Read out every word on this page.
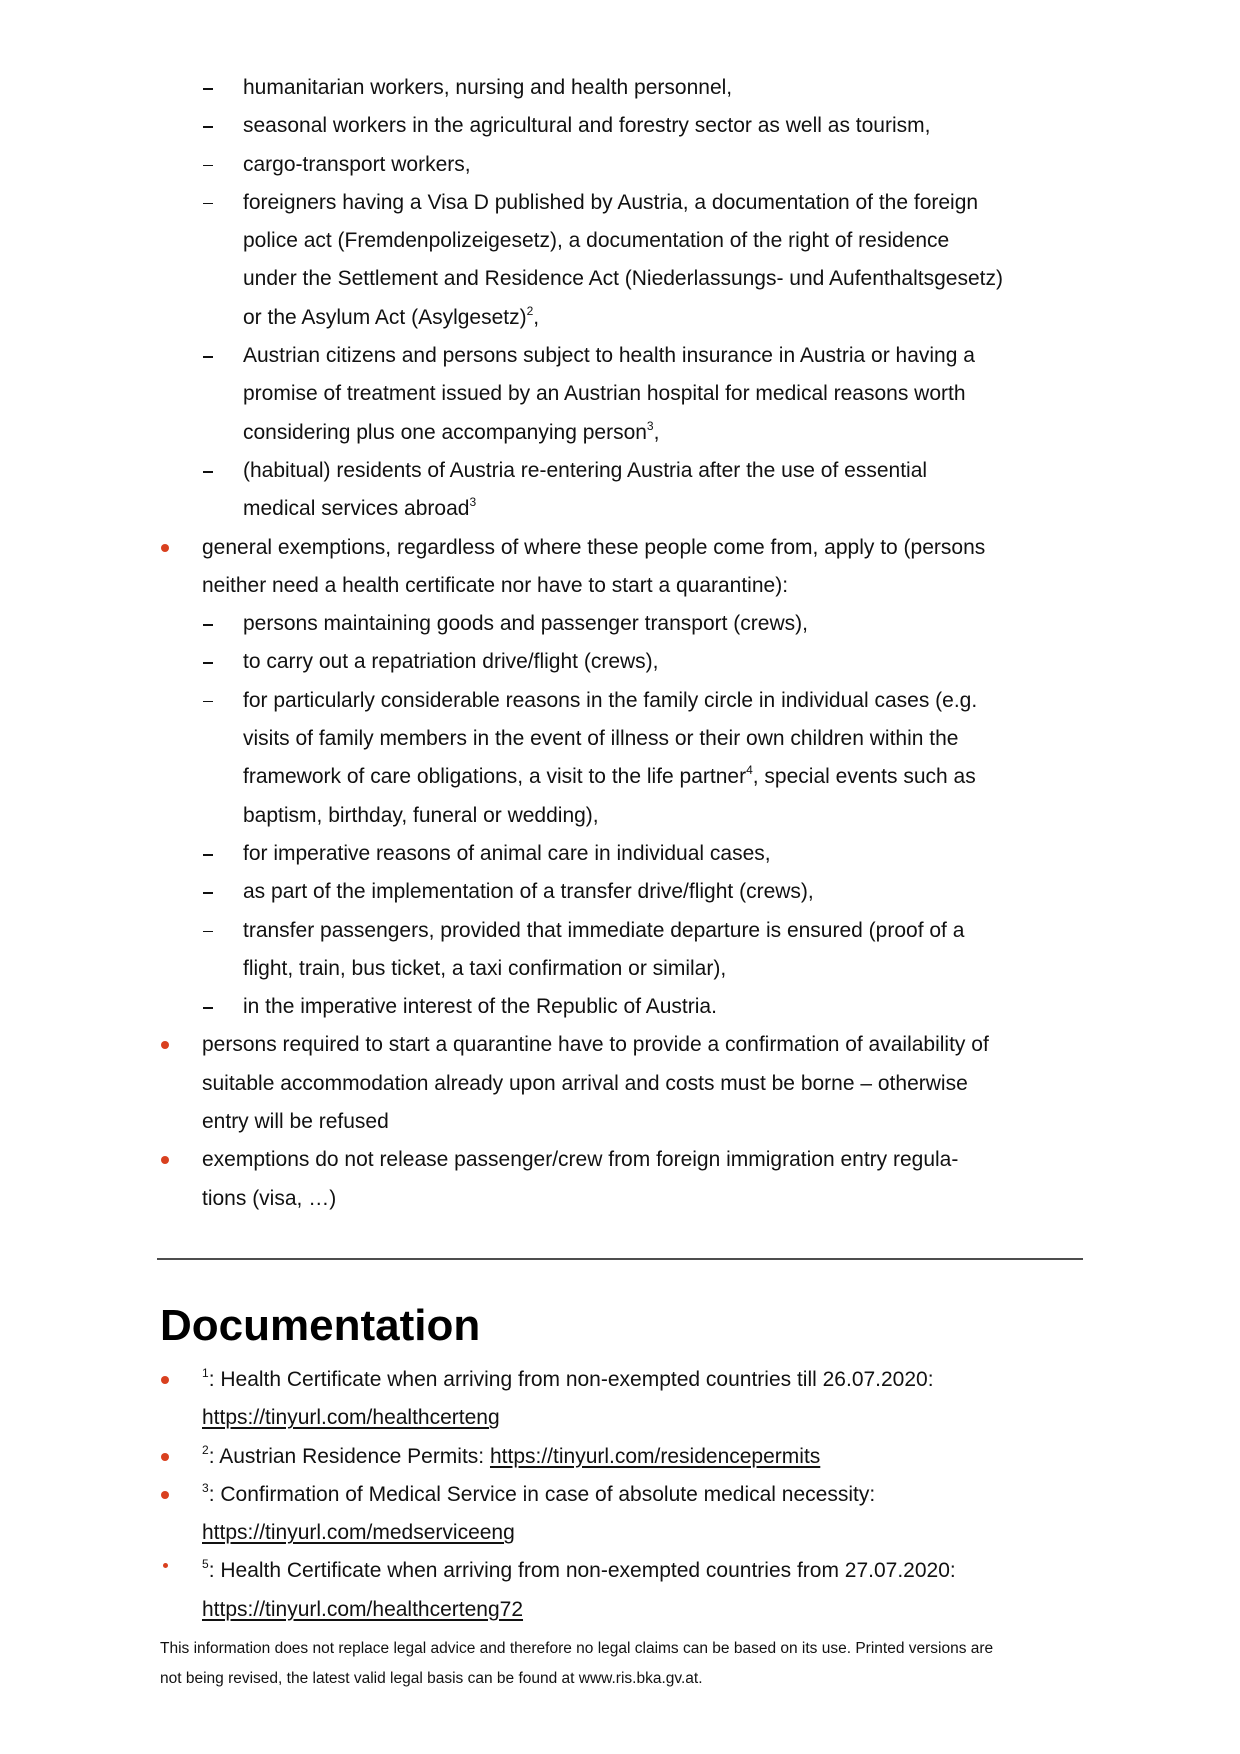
humanitarian workers, nursing and health personnel,
seasonal workers in the agricultural and forestry sector as well as tourism,
cargo-transport workers,
foreigners having a Visa D published by Austria, a documentation of the foreign
police act (Fremdenpolizeigesetz), a documentation of the right of residence
under the Settlement and Residence Act (Niederlassungs- und Aufenthaltsgesetz)
or the Asylum Act (Asylgesetz)$^2$,
Austrian citizens and persons subject to health insurance in Austria or having a
promise of treatment issued by an Austrian hospital for medical reasons worth
considering plus one accompanying person$^3$,
(habitual) residents of Austria re-entering Austria after the use of essential
medical services abroad$^3$
general exemptions, regardless of where these people come from, apply to (persons
neither need a health certificate nor have to start a quarantine):
persons maintaining goods and passenger transport (crews),
to carry out a repatriation drive/flight (crews),
for particularly considerable reasons in the family circle in individual cases (e.g.
visits of family members in the event of illness or their own children within the
framework of care obligations, a visit to the life partner$^4$, special events such as
baptism, birthday, funeral or wedding),
for imperative reasons of animal care in individual cases,
as part of the implementation of a transfer drive/flight (crews),
transfer passengers, provided that immediate departure is ensured (proof of a
flight, train, bus ticket, a taxi confirmation or similar),
in the imperative interest of the Republic of Austria.
persons required to start a quarantine have to provide a confirmation of availability of
suitable accommodation already upon arrival and costs must be borne – otherwise
entry will be refused
exemptions do not release passenger/crew from foreign immigration entry regula-
tions (visa, …)
Documentation
$^1$: Health Certificate when arriving from non-exempted countries till 26.07.2020:
https://tinyurl.com/healthcerteng
$^2$: Austrian Residence Permits: https://tinyurl.com/residencepermits
$^3$: Confirmation of Medical Service in case of absolute medical necessity:
https://tinyurl.com/medserviceeng
$^5$: Health Certificate when arriving from non-exempted countries from 27.07.2020:
https://tinyurl.com/healthcerteng72
This information does not replace legal advice and therefore no legal claims can be based on its use. Printed versions are
not being revised, the latest valid legal basis can be found at www.ris.bka.gv.at.
